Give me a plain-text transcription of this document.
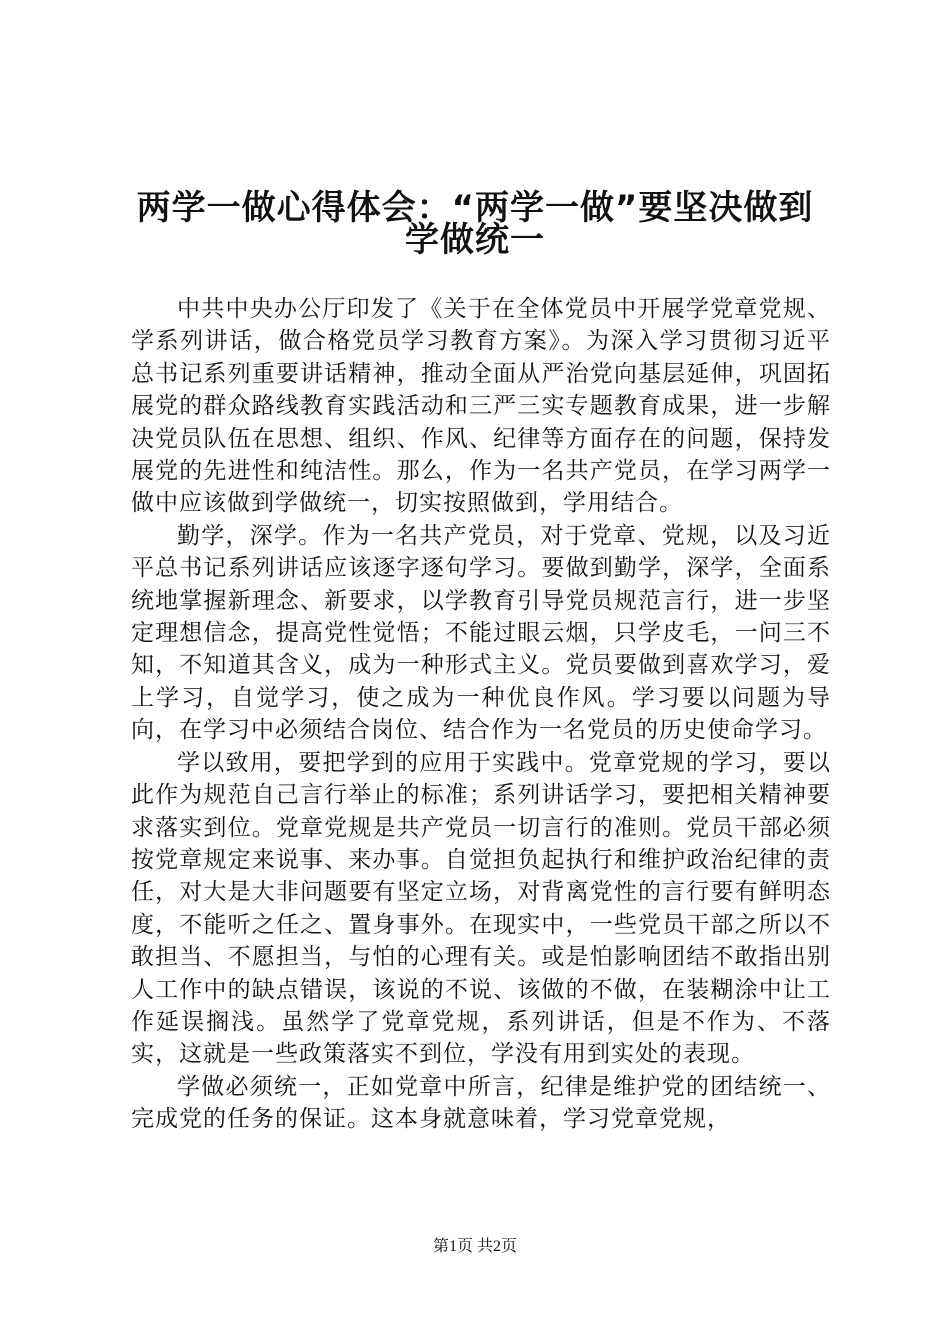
两学一做心得体会：“两学一做”要坚决做到
学做统一

中共中央办公厅印发了《关于在全体党员中开展学党章党规、学系列讲话，做合格党员学习教育方案》。为深入学习贯彻习近平总书记系列重要讲话精神，推动全面从严治党向基层延伸，巩固拓展党的群众路线教育实践活动和三严三实专题教育成果，进一步解决党员队伍在思想、组织、作风、纪律等方面存在的问题，保持发展党的先进性和纯洁性。那么，作为一名共产党员，在学习两学一做中应该做到学做统一，切实按照做到，学用结合。

勤学，深学。作为一名共产党员，对于党章、党规，以及习近平总书记系列讲话应该逐字逐句学习。要做到勤学，深学，全面系统地掌握新理念、新要求，以学教育引导党员规范言行，进一步坚定理想信念，提高党性觉悟；不能过眼云烟，只学皮毛，一问三不知，不知道其含义，成为一种形式主义。党员要做到喜欢学习，爱上学习，自觉学习，使之成为一种优良作风。学习要以问题为导向，在学习中必须结合岗位、结合作为一名党员的历史使命学习。

学以致用，要把学到的应用于实践中。党章党规的学习，要以此作为规范自己言行举止的标准；系列讲话学习，要把相关精神要求落实到位。党章党规是共产党员一切言行的准则。党员干部必须按党章规定来说事、来办事。自觉担负起执行和维护政治纪律的责任，对大是大非问题要有坚定立场，对背离党性的言行要有鲜明态度，不能听之任之、置身事外。在现实中，一些党员干部之所以不敢担当、不愿担当，与怕的心理有关。或是怕影响团结不敢指出别人工作中的缺点错误，该说的不说、该做的不做，在装糊涂中让工作延误搁浅。虽然学了党章党规，系列讲话，但是不作为、不落实，这就是一些政策落实不到位，学没有用到实处的表现。

学做必须统一，正如党章中所言，纪律是维护党的团结统一、完成党的任务的保证。这本身就意味着，学习党章党规，

第1页 共2页
